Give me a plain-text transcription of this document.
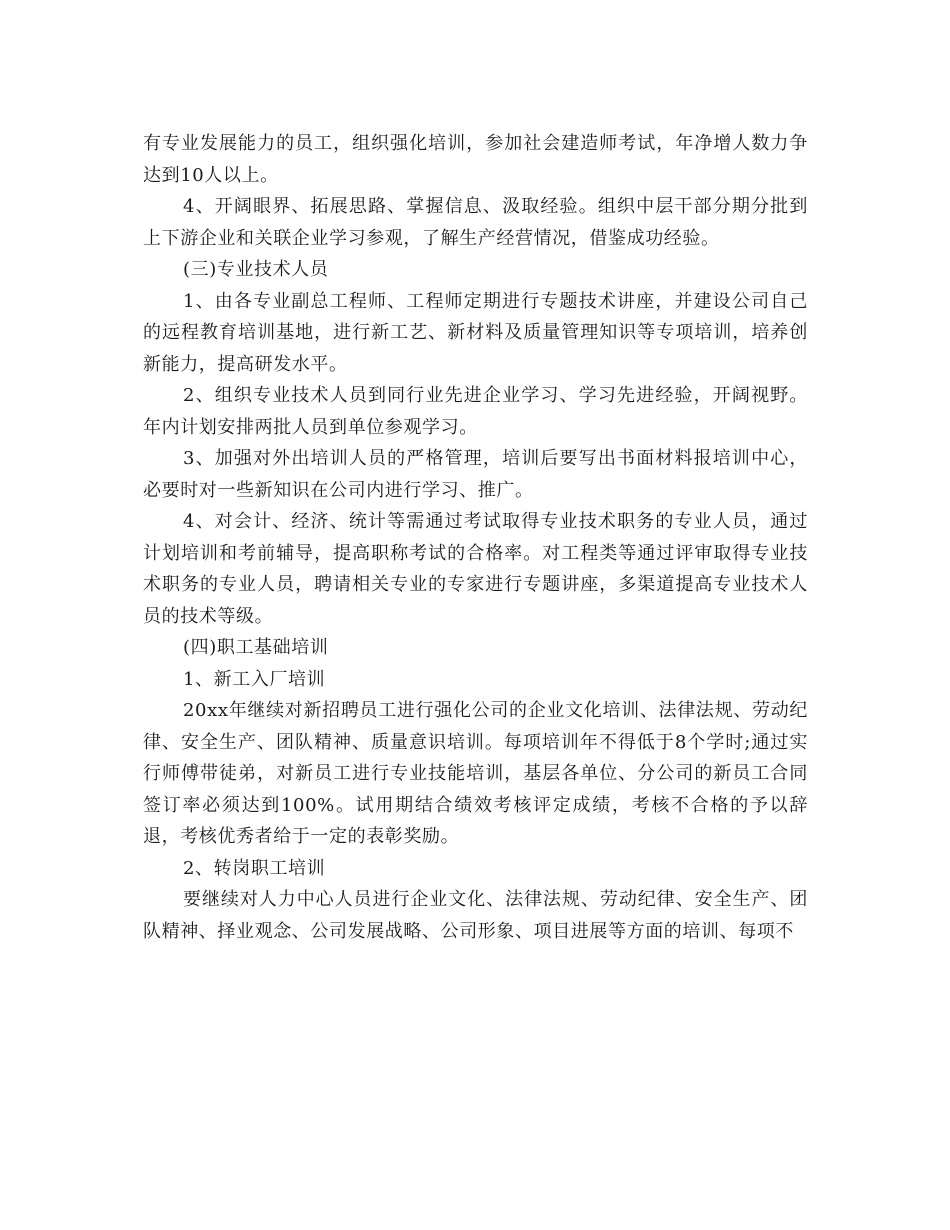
有专业发展能力的员工，组织强化培训，参加社会建造师考试，年净增人数力争达到10人以上。

4、开阔眼界、拓展思路、掌握信息、汲取经验。组织中层干部分期分批到上下游企业和关联企业学习参观，了解生产经营情况，借鉴成功经验。

(三)专业技术人员

1、由各专业副总工程师、工程师定期进行专题技术讲座，并建设公司自己的远程教育培训基地，进行新工艺、新材料及质量管理知识等专项培训，培养创新能力，提高研发水平。

2、组织专业技术人员到同行业先进企业学习、学习先进经验，开阔视野。年内计划安排两批人员到单位参观学习。

3、加强对外出培训人员的严格管理，培训后要写出书面材料报培训中心，必要时对一些新知识在公司内进行学习、推广。

4、对会计、经济、统计等需通过考试取得专业技术职务的专业人员，通过计划培训和考前辅导，提高职称考试的合格率。对工程类等通过评审取得专业技术职务的专业人员，聘请相关专业的专家进行专题讲座，多渠道提高专业技术人员的技术等级。

(四)职工基础培训

1、新工入厂培训

20xx年继续对新招聘员工进行强化公司的企业文化培训、法律法规、劳动纪律、安全生产、团队精神、质量意识培训。每项培训年不得低于8个学时;通过实行师傅带徒弟，对新员工进行专业技能培训，基层各单位、分公司的新员工合同签订率必须达到100%。试用期结合绩效考核评定成绩，考核不合格的予以辞退，考核优秀者给于一定的表彰奖励。

2、转岗职工培训

要继续对人力中心人员进行企业文化、法律法规、劳动纪律、安全生产、团队精神、择业观念、公司发展战略、公司形象、项目进展等方面的培训、每项不
